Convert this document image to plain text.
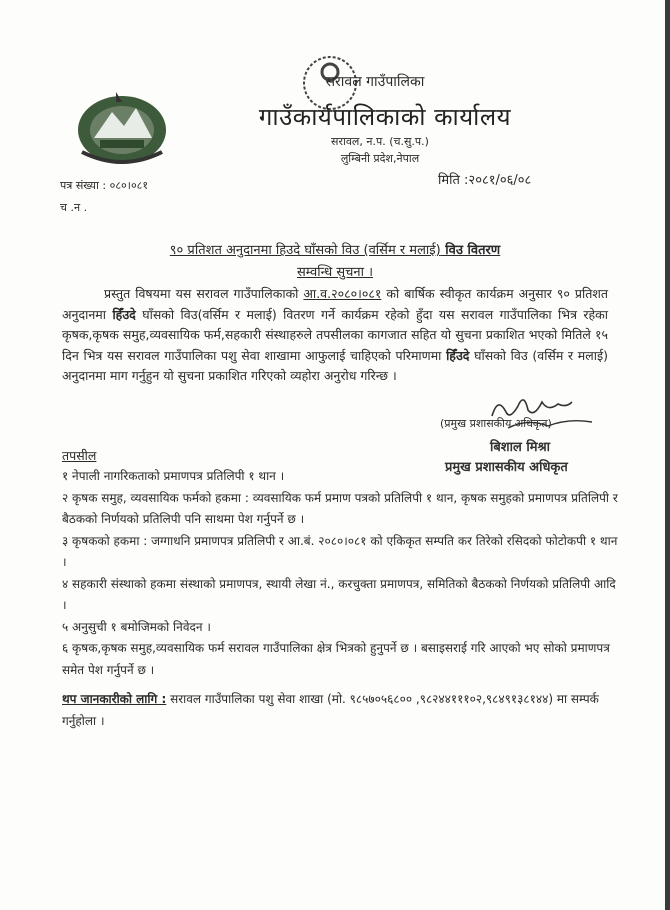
सरावल गाउँपालिका
गाउँकार्यपालिकाको कार्यालय
सरावल, न.प. (च.सु.प.)
लुम्बिनी प्रदेश,नेपाल
पत्र संख्या : ०८०।०८१
च .न .
मिति :२०८१/०६/०८
९० प्रतिशत अनुदानमा हिउदे घाँसको विउ (वर्सिम र मलाई) विउ वितरण
सम्वन्धि सुचना ।
प्रस्तुत विषयमा यस सरावल गाउँपालिकाको आ.व.२०८०।०८१ को बार्षिक स्वीकृत कार्यक्रम अनुसार ९० प्रतिशत अनुदानमा हिँउदे घाँसको विउ(वर्सिम र मलाई) वितरण गर्ने कार्यक्रम रहेको हुँदा यस सरावल गाउँपालिका भित्र रहेका कृषक,कृषक समुह,व्यवसायिक फर्म,सहकारी संस्थाहरुले तपसीलका कागजात सहित यो सुचना प्रकाशित भएको मितिले १५ दिन भित्र यस सरावल गाउँपालिका पशु सेवा शाखामा आफुलाई चाहिएको परिमाणमा हिँउदे घाँसको विउ (वर्सिम र मलाई) अनुदानमा माग गर्नुहुन यो सुचना प्रकाशित गरिएको व्यहोरा अनुरोध गरिन्छ ।
(प्रमुख प्रशासकीय अधिकृत)
बिशाल मिश्रा
प्रमुख प्रशासकीय अधिकृत
तपसील
१ नेपाली नागरिकताको प्रमाणपत्र प्रतिलिपी १ थान ।
२ कृषक समुह, व्यवसायिक फर्मको हकमा : व्यवसायिक फर्म प्रमाण पत्रको प्रतिलिपी १ थान, कृषक समुहको प्रमाणपत्र प्रतिलिपी र बैठकको निर्णयको प्रतिलिपी पनि साथमा पेश गर्नुपर्ने छ ।
३ कृषकको हकमा : जग्गाधनि प्रमाणपत्र प्रतिलिपी र आ.बं. २०८०।०८१ को एकिकृत सम्पति कर तिरेको रसिदको फोटोकपी १ थान ।
४ सहकारी संस्थाको हकमा संस्थाको प्रमाणपत्र, स्थायी लेखा नं., करचुक्ता प्रमाणपत्र, समितिको बैठकको निर्णयको प्रतिलिपी आदि ।
५ अनुसुची १ बमोजिमको निवेदन ।
६ कृषक,कृषक समुह,व्यवसायिक फर्म सरावल गाउँपालिका क्षेत्र भित्रको हुनुपर्ने छ । बसाइसराई गरि आएको भए सोको प्रमाणपत्र समेत पेश गर्नुपर्ने छ ।
थप जानकारीको लागि : सरावल गाउँपालिका पशु सेवा शाखा (मो. ९८५७०५६८०० ,९८२४४१११०२,९८४९१३८१४४) मा सम्पर्क गर्नुहोला ।
